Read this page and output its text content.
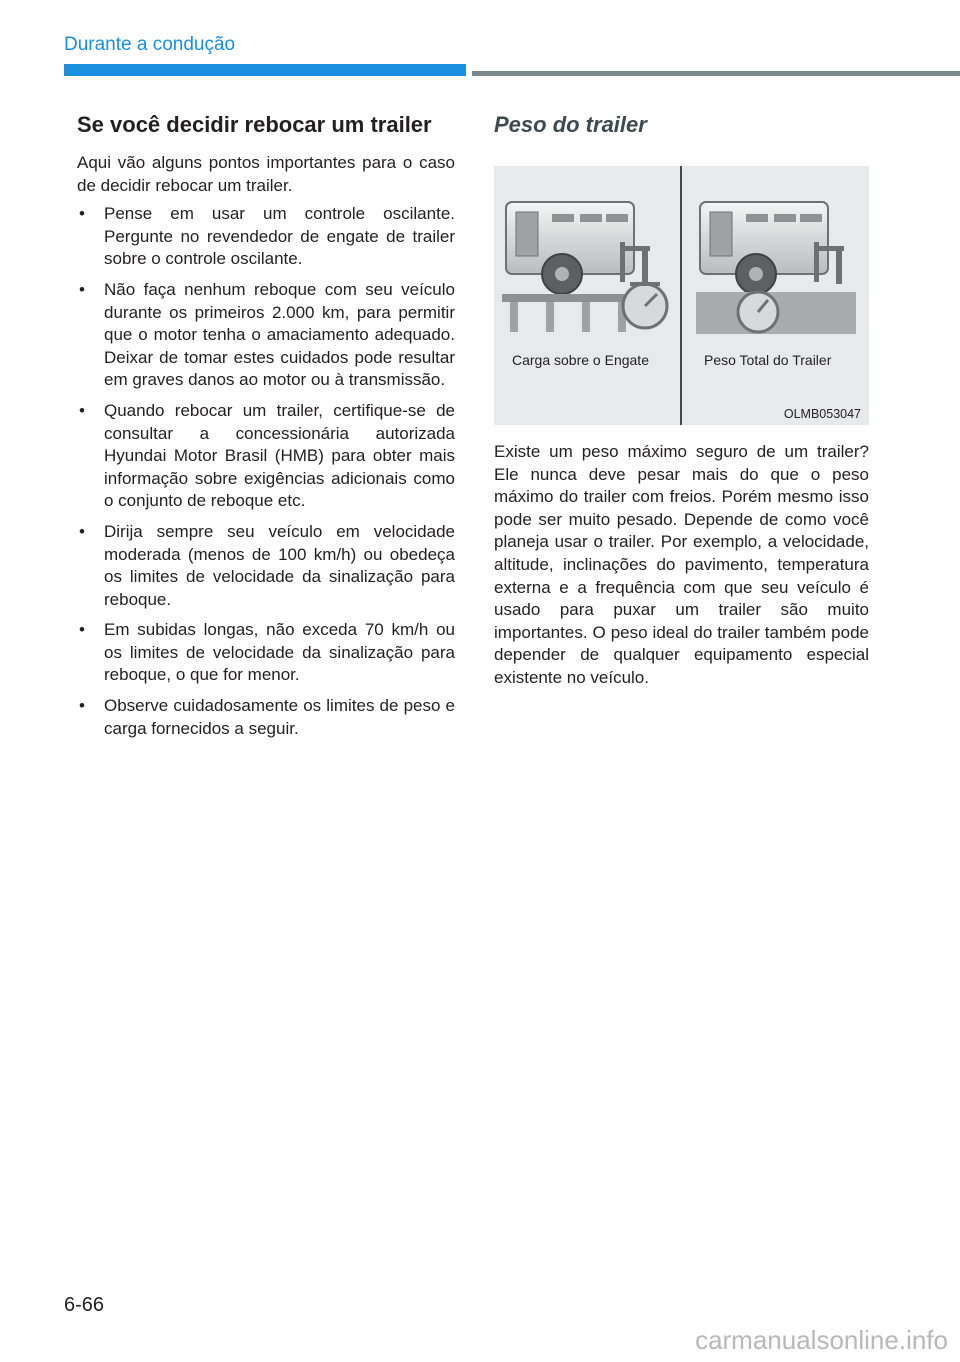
Durante a condução
Se você decidir rebocar um trailer

Aqui vão alguns pontos importantes para o caso de decidir rebocar um trailer.

• Pense em usar um controle oscilante. Pergunte no revendedor de engate de trailer sobre o controle oscilante.
• Não faça nenhum reboque com seu veículo durante os primeiros 2.000 km, para permitir que o motor tenha o amaciamento adequado. Deixar de tomar estes cuidados pode resultar em graves danos ao motor ou à transmissão.
• Quando rebocar um trailer, certifique-se de consultar a concessionária autorizada Hyundai Motor Brasil (HMB) para obter mais informação sobre exigências adicionais como o conjunto de reboque etc.
• Dirija sempre seu veículo em velocidade moderada (menos de 100 km/h) ou obedeça os limites de velocidade da sinalização para reboque.
• Em subidas longas, não exceda 70 km/h ou os limites de velocidade da sinalização para reboque, o que for menor.
• Observe cuidadosamente os limites de peso e carga fornecidos a seguir.
Peso do trailer
Carga sobre o Engate	Peso Total do Trailer
OLMB053047

Existe um peso máximo seguro de um trailer? Ele nunca deve pesar mais do que o peso máximo do trailer com freios. Porém mesmo isso pode ser muito pesado. Depende de como você planeja usar o trailer. Por exemplo, a velocidade, altitude, inclinações do pavimento, temperatura externa e a frequência com que seu veículo é usado para puxar um trailer são muito importantes. O peso ideal do trailer também pode depender de qualquer equipamento especial existente no veículo.

6-66
carmanualsonline.info
